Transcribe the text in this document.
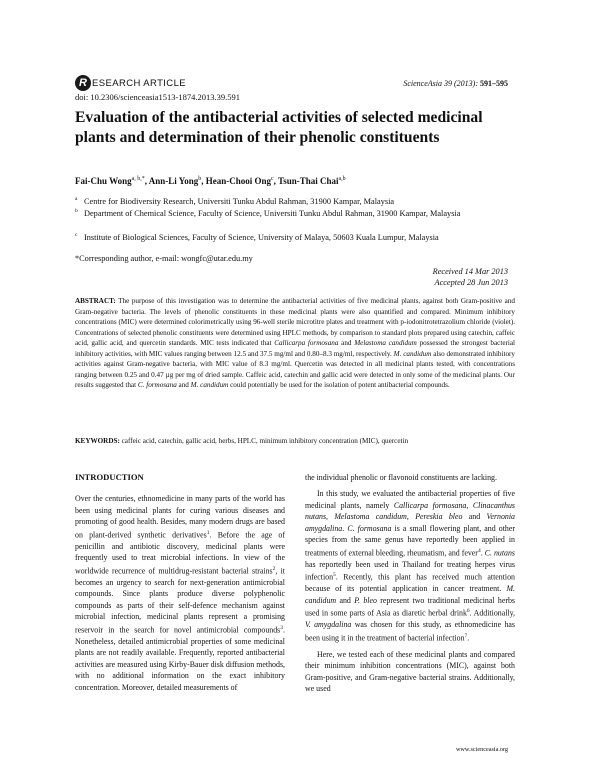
R ESEARCH ARTICLE	ScienceAsia 39 (2013): 591–595
doi: 10.2306/scienceasia1513-1874.2013.39.591
Evaluation of the antibacterial activities of selected medicinal plants and determination of their phenolic constituents
Fai-Chu Wong$^{a, b,*}$, Ann-Li Yong$^b$, Hean-Chooi Ong$^c$, Tsun-Thai Chai$^{a,b}$
a Centre for Biodiversity Research, Universiti Tunku Abdul Rahman, 31900 Kampar, Malaysia
b Department of Chemical Science, Faculty of Science, Universiti Tunku Abdul Rahman, 31900 Kampar, Malaysia
c Institute of Biological Sciences, Faculty of Science, University of Malaya, 50603 Kuala Lumpur, Malaysia
*Corresponding author, e-mail: wongfc@utar.edu.my
Received 14 Mar 2013
Accepted 28 Jun 2013
ABSTRACT: The purpose of this investigation was to determine the antibacterial activities of five medicinal plants, against both Gram-positive and Gram-negative bacteria. The levels of phenolic constituents in these medicinal plants were also quantified and compared. Minimum inhibitory concentrations (MIC) were determined colorimetrically using 96-well sterile microtitre plates and treatment with p-iodonitrotetrazolium chloride (violet). Concentrations of selected phenolic constituents were determined using HPLC methods, by comparison to standard plots prepared using catechin, caffeic acid, gallic acid, and quercetin standards. MIC tests indicated that Callicarpa formosana and Melastoma candidum possessed the strongest bacterial inhibitory activities, with MIC values ranging between 12.5 and 37.5 mg/ml and 0.80–8.3 mg/ml, respectively. M. candidum also demonstrated inhibitory activities against Gram-negative bacteria, with MIC value of 8.3 mg/ml. Quercetin was detected in all medicinal plants tested, with concentrations ranging between 0.25 and 0.47 µg per mg of dried sample. Caffeic acid, catechin and gallic acid were detected in only some of the medicinal plants. Our results suggested that C. formosana and M. candidum could potentially be used for the isolation of potent antibacterial compounds.
KEYWORDS: caffeic acid, catechin, gallic acid, herbs, HPLC, minimum inhibitory concentration (MIC), quercetin
INTRODUCTION

Over the centuries, ethnomedicine in many parts of the world has been using medicinal plants for curing various diseases and promoting of good health. Besides, many modern drugs are based on plant-derived synthetic derivatives$^1$. Before the age of penicillin and antibiotic discovery, medicinal plants were frequently used to treat microbial infections. In view of the worldwide recurrence of multidrug-resistant bacterial strains$^2$, it becomes an urgency to search for next-generation antimicrobial compounds. Since plants produce diverse polyphenolic compounds as parts of their self-defence mechanism against microbial infection, medicinal plants represent a promising reservoir in the search for novel antimicrobial compounds$^3$. Nonetheless, detailed antimicrobial properties of some medicinal plants are not readily available. Frequently, reported antibacterial activities are measured using Kirby-Bauer disk diffusion methods, with no additional information on the exact inhibitory concentration. Moreover, detailed measurements of

the individual phenolic or flavonoid constituents are lacking.

In this study, we evaluated the antibacterial properties of five medicinal plants, namely Callicarpa formosana, Clinacanthus nutans, Melastoma candidum, Pereskia bleo and Vernonia amygdalina. C. formosana is a small flowering plant, and other species from the same genus have reportedly been applied in treatments of external bleeding, rheumatism, and fever$^4$. C. nutans has reportedly been used in Thailand for treating herpes virus infection$^5$. Recently, this plant has received much attention because of its potential application in cancer treatment. M. candidum and P. bleo represent two traditional medicinal herbs used in some parts of Asia as diaretic herbal drink$^6$. Additionally, V. amygdalina was chosen for this study, as ethnomedicine has been using it in the treatment of bacterial infection$^7$.

Here, we tested each of these medicinal plants and compared their minimum inhibition concentrations (MIC), against both Gram-positive, and Gram-negative bacterial strains. Additionally, we used

www.scienceasia.org
